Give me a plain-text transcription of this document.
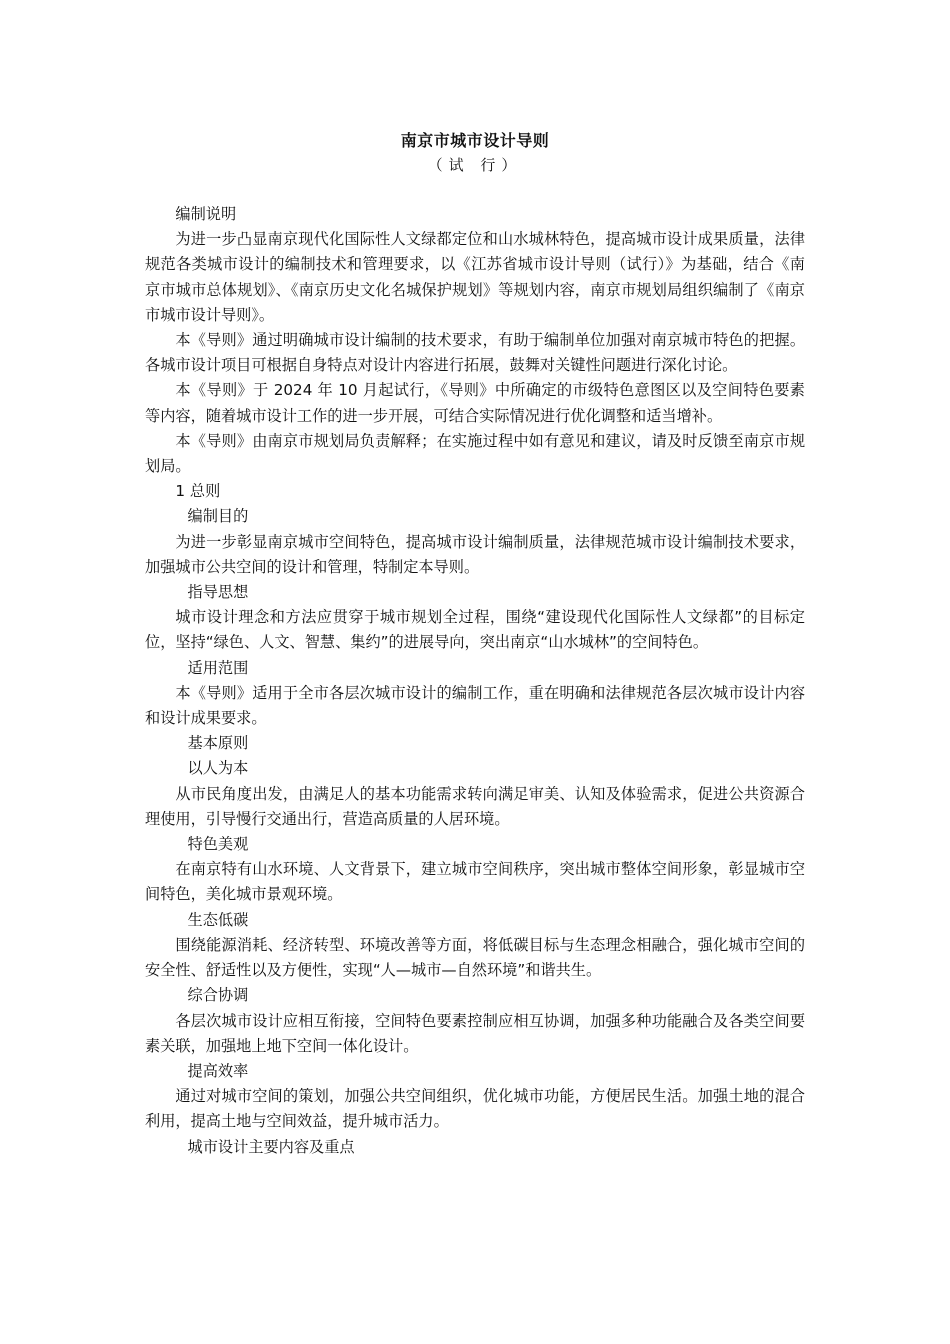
南京市城市设计导则
（试 行）
编制说明

为进一步凸显南京现代化国际性人文绿都定位和山水城林特色，提高城市设计成果质量，法律规范各类城市设计的编制技术和管理要求，以《江苏省城市设计导则（试行）》为基础，结合《南京市城市总体规划》、《南京历史文化名城保护规划》等规划内容，南京市规划局组织编制了《南京市城市设计导则》。

本《导则》通过明确城市设计编制的技术要求，有助于编制单位加强对南京城市特色的把握。各城市设计项目可根据自身特点对设计内容进行拓展，鼓舞对关键性问题进行深化讨论。

本《导则》于 2024 年 10 月起试行，《导则》中所确定的市级特色意图区以及空间特色要素等内容，随着城市设计工作的进一步开展，可结合实际情况进行优化调整和适当增补。

本《导则》由南京市规划局负责解释；在实施过程中如有意见和建议，请及时反馈至南京市规划局。

1 总则
编制目的

为进一步彰显南京城市空间特色，提高城市设计编制质量，法律规范城市设计编制技术要求，加强城市公共空间的设计和管理，特制定本导则。

指导思想

城市设计理念和方法应贯穿于城市规划全过程，围绕“建设现代化国际性人文绿都”的目标定位，坚持“绿色、人文、智慧、集约”的进展导向，突出南京“山水城林”的空间特色。

适用范围

本《导则》适用于全市各层次城市设计的编制工作，重在明确和法律规范各层次城市设计内容和设计成果要求。

基本原则
以人为本

从市民角度出发，由满足人的基本功能需求转向满足审美、认知及体验需求，促进公共资源合理使用，引导慢行交通出行，营造高质量的人居环境。

特色美观

在南京特有山水环境、人文背景下，建立城市空间秩序，突出城市整体空间形象，彰显城市空间特色，美化城市景观环境。

生态低碳

围绕能源消耗、经济转型、环境改善等方面，将低碳目标与生态理念相融合，强化城市空间的安全性、舒适性以及方便性，实现“人—城市—自然环境”和谐共生。

综合协调

各层次城市设计应相互衔接，空间特色要素控制应相互协调，加强多种功能融合及各类空间要素关联，加强地上地下空间一体化设计。

提高效率

通过对城市空间的策划，加强公共空间组织，优化城市功能，方便居民生活。加强土地的混合利用，提高土地与空间效益，提升城市活力。

城市设计主要内容及重点
